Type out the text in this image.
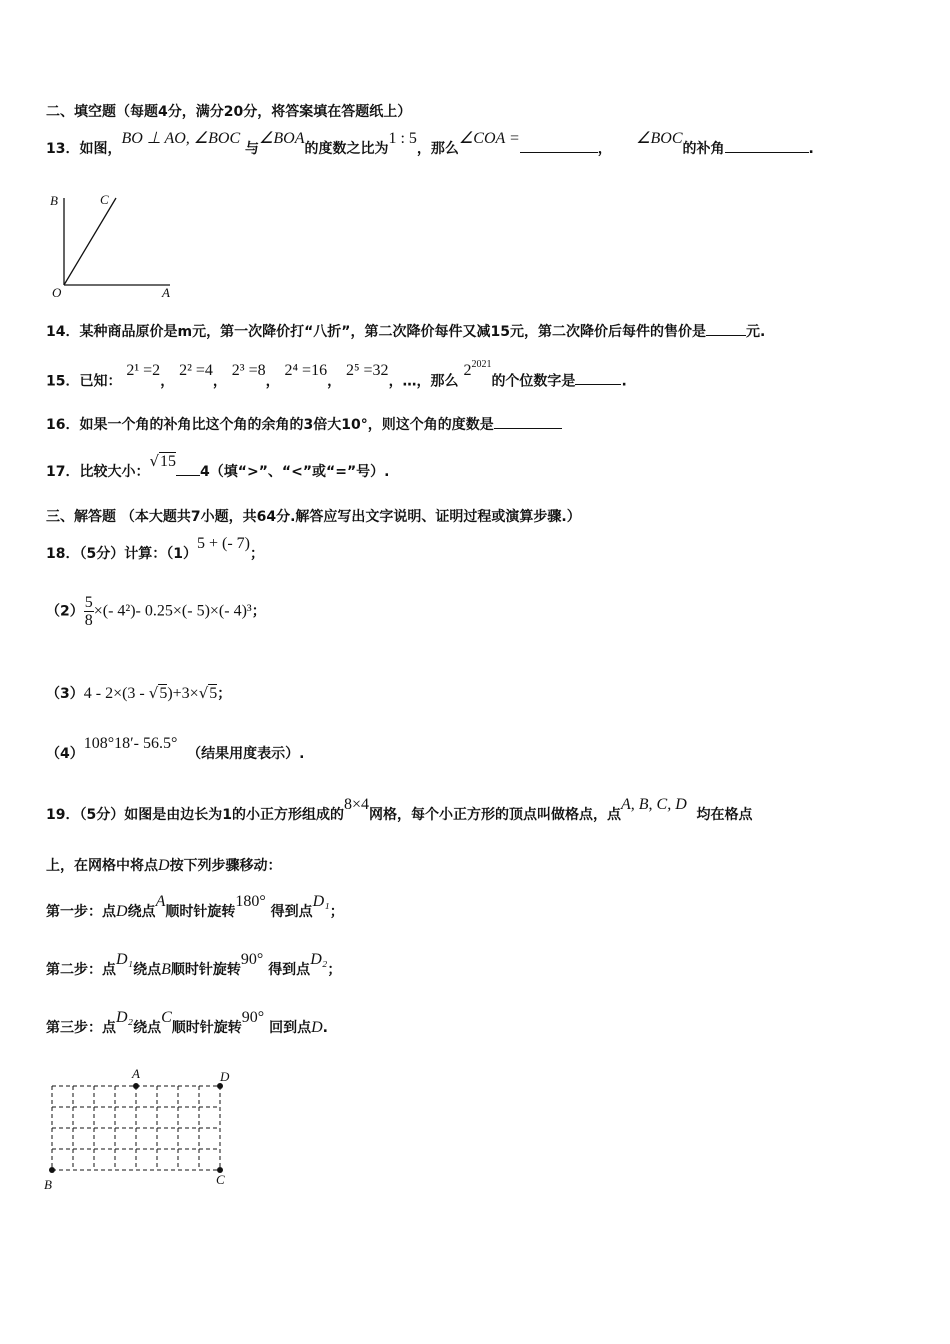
二、填空题（每题4分，满分20分，将答案填在答题纸上）
13．如图，BO ⊥ AO, ∠BOC 与∠BOA的度数之比为1 : 5，那么∠COA =，     ∠BOC的补角	.
B	C
O	A
14．某种商品原价是m元，第一次降价打“八折”，第二次降价每件又减15元，第二次降价后每件的售价是	元.
15．已知： 2¹ =2， 2² =4， 2³ =8， 2⁴ =16， 2⁵ =32，…，那么 $2^{2021}$的个位数字是	.
16．如果一个角的补角比这个角的余角的3倍大10°，则这个角的度数是
17．比较大小：√154（填“>”、“<”或“=”号）.
三、解答题 （本大题共7小题，共64分.解答应写出文字说明、证明过程或演算步骤.）
18．（5分）计算：（1）5 + (- 7)；
$(2) \frac{5}{8}$ ×(- 4²)- 0.25×(- 5)×(- 4)³；
（3）4 - 2×(3 - √5)+3×√5；
（4）108°18′- 56.5°  （结果用度表示）.
19．（5分）如图是由边长为1的小正方形组成的8×4网格，每个小正方形的顶点叫做格点，点A, B, C, D  均在格点
上，在网格中将点D按下列步骤移动：
第一步：点D绕点A顺时针旋转180° 得到点D₁；
第二步：点D₁绕点B顺时针旋转90° 得到点D₂；
第三步：点D₂绕点C顺时针旋转90° 回到点D.
A	D
B	C
